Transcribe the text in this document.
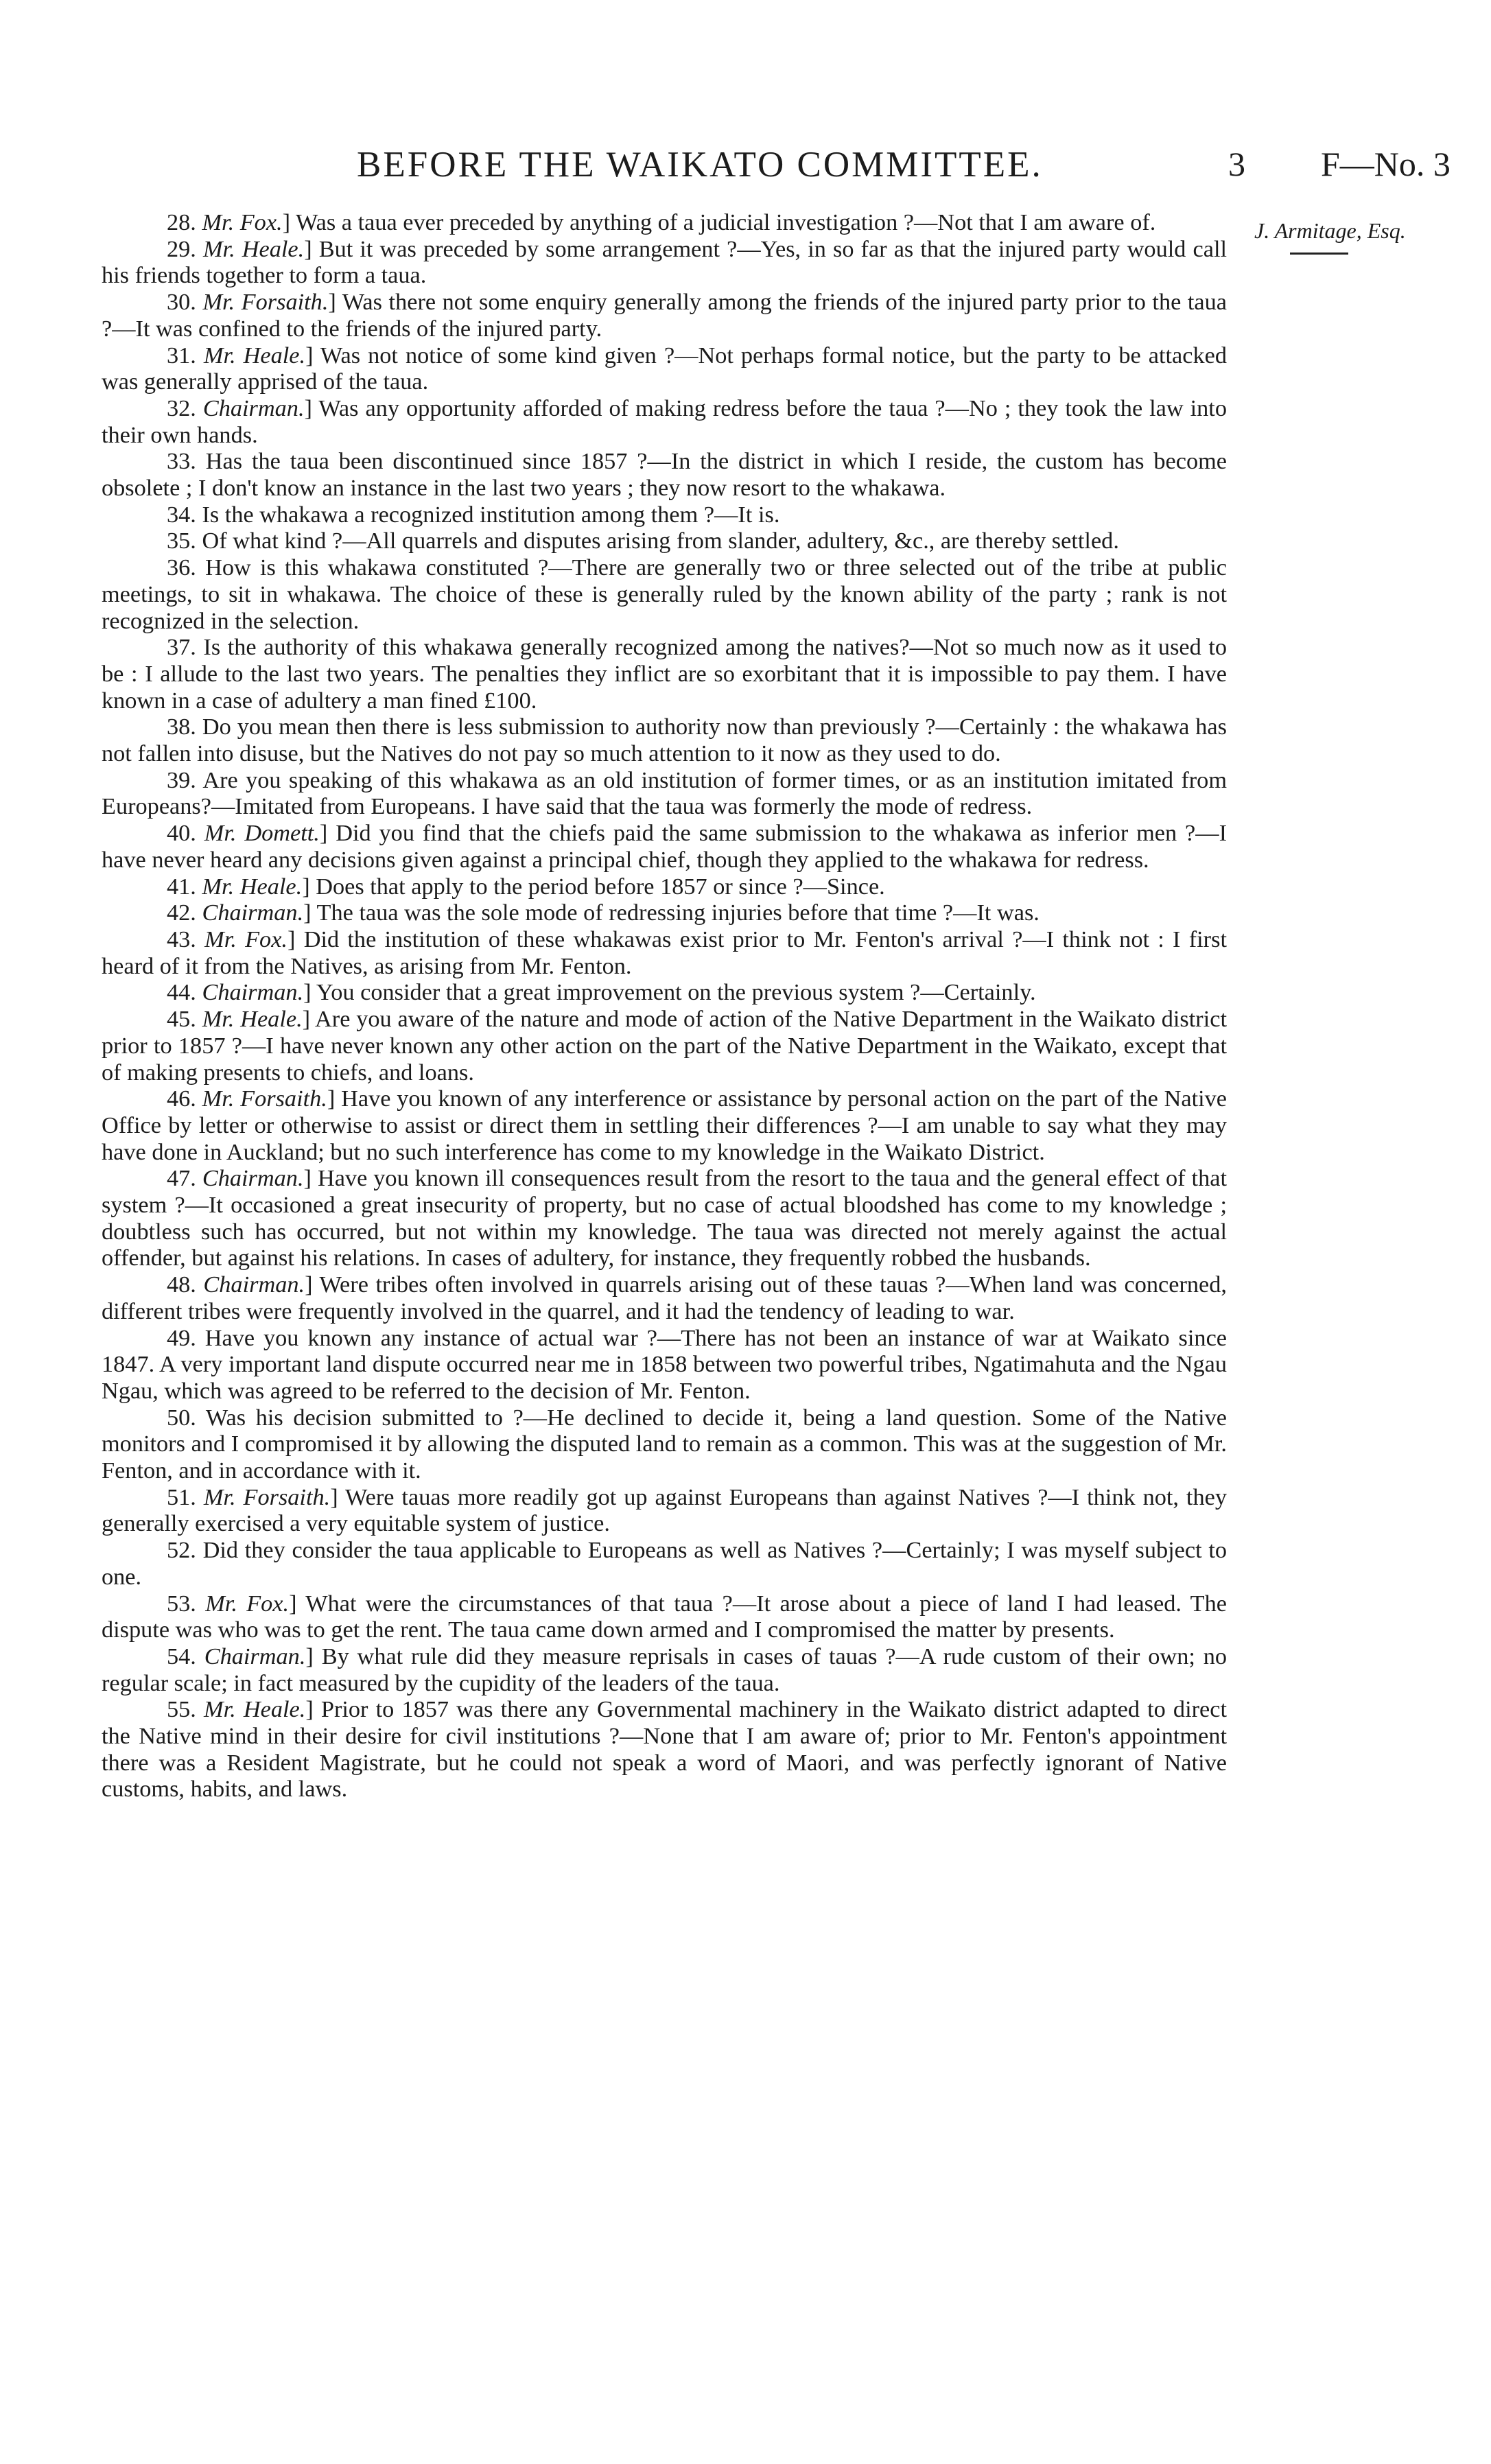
BEFORE THE WAIKATO COMMITTEE.	3 F—No. 3
J. Armitage, Esq.

28. Mr. Fox.] Was a taua ever preceded by anything of a judicial investigation ?—Not that I am aware of.

29. Mr. Heale.] But it was preceded by some arrangement ?—Yes, in so far as that the injured party would call his friends together to form a taua.

30. Mr. Forsaith.] Was there not some enquiry generally among the friends of the injured party prior to the taua ?—It was confined to the friends of the injured party.

31. Mr. Heale.] Was not notice of some kind given ?—Not perhaps formal notice, but the party to be attacked was generally apprised of the taua.

32. Chairman.] Was any opportunity afforded of making redress before the taua ?—No ; they took the law into their own hands.

33. Has the taua been discontinued since 1857 ?—In the district in which I reside, the custom has become obsolete ; I don't know an instance in the last two years ; they now resort to the whakawa.

34. Is the whakawa a recognized institution among them ?—It is.

35. Of what kind ?—All quarrels and disputes arising from slander, adultery, &c., are thereby settled.

36. How is this whakawa constituted ?—There are generally two or three selected out of the tribe at public meetings, to sit in whakawa. The choice of these is generally ruled by the known ability of the party ; rank is not recognized in the selection.

37. Is the authority of this whakawa generally recognized among the natives?—Not so much now as it used to be : I allude to the last two years. The penalties they inflict are so exorbitant that it is impossible to pay them. I have known in a case of adultery a man fined £100.

38. Do you mean then there is less submission to authority now than previously ?—Certainly : the whakawa has not fallen into disuse, but the Natives do not pay so much attention to it now as they used to do.

39. Are you speaking of this whakawa as an old institution of former times, or as an institution imitated from Europeans?—Imitated from Europeans. I have said that the taua was formerly the mode of redress.

40. Mr. Domett.] Did you find that the chiefs paid the same submission to the whakawa as inferior men ?—I have never heard any decisions given against a principal chief, though they applied to the whakawa for redress.

41. Mr. Heale.] Does that apply to the period before 1857 or since ?—Since.

42. Chairman.] The taua was the sole mode of redressing injuries before that time ?—It was.

43. Mr. Fox.] Did the institution of these whakawas exist prior to Mr. Fenton's arrival ?—I think not : I first heard of it from the Natives, as arising from Mr. Fenton.

44. Chairman.] You consider that a great improvement on the previous system ?—Certainly.

45. Mr. Heale.] Are you aware of the nature and mode of action of the Native Department in the Waikato district prior to 1857 ?—I have never known any other action on the part of the Native Department in the Waikato, except that of making presents to chiefs, and loans.

46. Mr. Forsaith.] Have you known of any interference or assistance by personal action on the part of the Native Office by letter or otherwise to assist or direct them in settling their differences ?—I am unable to say what they may have done in Auckland; but no such interference has come to my knowledge in the Waikato District.

47. Chairman.] Have you known ill consequences result from the resort to the taua and the general effect of that system ?—It occasioned a great insecurity of property, but no case of actual bloodshed has come to my knowledge ; doubtless such has occurred, but not within my knowledge. The taua was directed not merely against the actual offender, but against his relations. In cases of adultery, for instance, they frequently robbed the husbands.

48. Chairman.] Were tribes often involved in quarrels arising out of these tauas ?—When land was concerned, different tribes were frequently involved in the quarrel, and it had the tendency of leading to war.

49. Have you known any instance of actual war ?—There has not been an instance of war at Waikato since 1847. A very important land dispute occurred near me in 1858 between two powerful tribes, Ngatimahuta and the Ngau Ngau, which was agreed to be referred to the decision of Mr. Fenton.

50. Was his decision submitted to ?—He declined to decide it, being a land question. Some of the Native monitors and I compromised it by allowing the disputed land to remain as a common. This was at the suggestion of Mr. Fenton, and in accordance with it.

51. Mr. Forsaith.] Were tauas more readily got up against Europeans than against Natives ?—I think not, they generally exercised a very equitable system of justice.

52. Did they consider the taua applicable to Europeans as well as Natives ?—Certainly; I was myself subject to one.

53. Mr. Fox.] What were the circumstances of that taua ?—It arose about a piece of land I had leased. The dispute was who was to get the rent. The taua came down armed and I compromised the matter by presents.

54. Chairman.] By what rule did they measure reprisals in cases of tauas ?—A rude custom of their own; no regular scale; in fact measured by the cupidity of the leaders of the taua.

55. Mr. Heale.] Prior to 1857 was there any Governmental machinery in the Waikato district adapted to direct the Native mind in their desire for civil institutions ?—None that I am aware of; prior to Mr. Fenton's appointment there was a Resident Magistrate, but he could not speak a word of Maori, and was perfectly ignorant of Native customs, habits, and laws.
